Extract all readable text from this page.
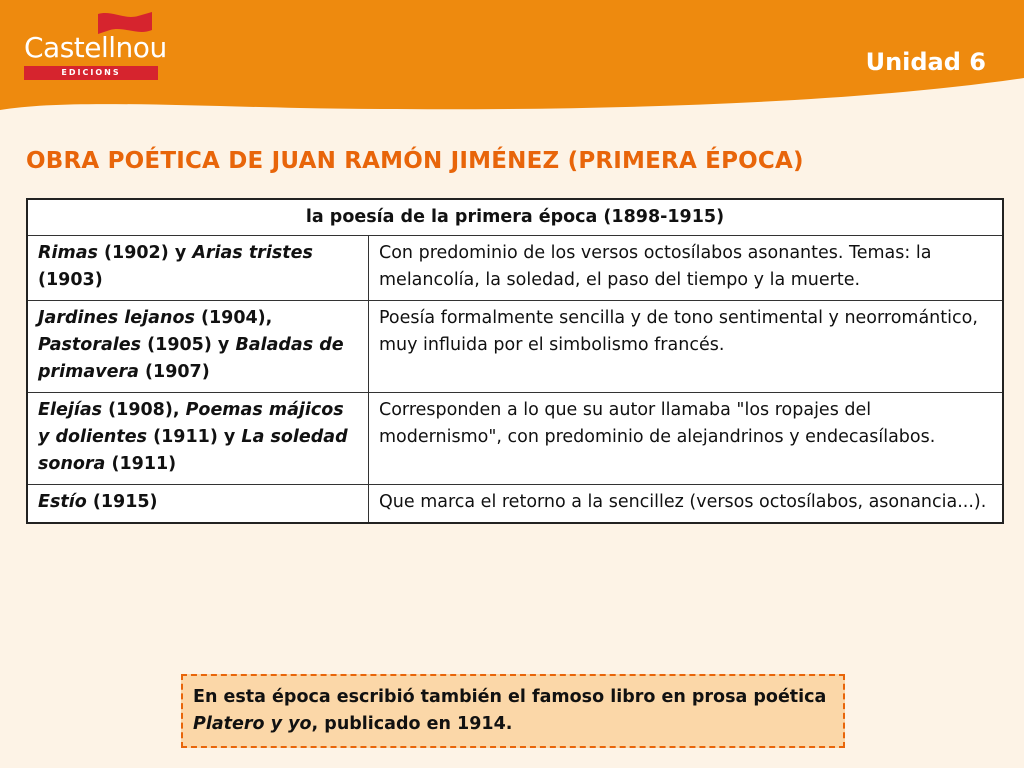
Castellnou
EDICIONS	Unidad 6
OBRA POÉTICA DE JUAN RAMÓN JIMÉNEZ (PRIMERA ÉPOCA)
la poesía de la primera época (1898-1915)	
Rimas (1902) y Arias tristes (1903)	Con predominio de los versos octosílabos asonantes. Temas: la melancolía, la soledad, el paso del tiempo y la muerte.
Jardines lejanos (1904), Pastorales (1905) y Baladas de primavera (1907)	Poesía formalmente sencilla y de tono sentimental y neorromántico, muy influida por el simbolismo francés.
Elejías (1908), Poemas májicos y dolientes (1911) y La soledad sonora (1911)	Corresponden a lo que su autor llamaba "los ropajes del modernismo", con predominio de alejandrinos y endecasílabos.
Estío (1915)	Que marca el retorno a la sencillez (versos octosílabos, asonancia...).
En esta época escribió también el famoso libro en prosa poética Platero y yo, publicado en 1914.
